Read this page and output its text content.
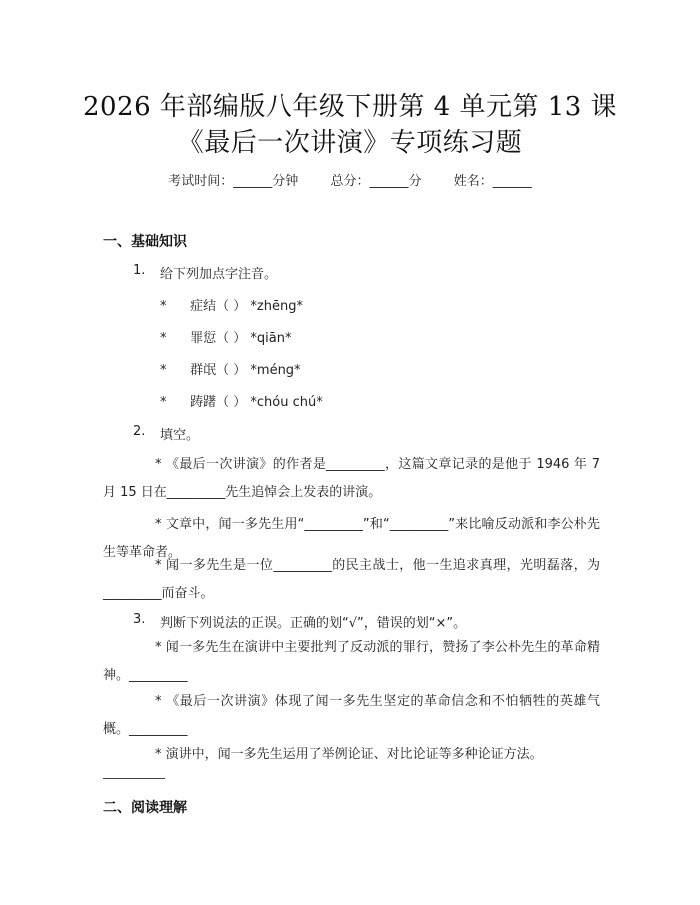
2026 年部编版八年级下册第 4 单元第 13 课
《最后一次讲演》专项练习题
考试时间：______分钟 总分：______分 姓名：______
一、基础知识
1. 给下列加点字注音。
* 症结（ ） *zhēng*
* 罪愆（ ） *qiān*
* 群氓（ ） *méng*
* 踌躇（ ） *chóu chú*
2. 填空。
* 《最后一次讲演》的作者是_________，这篇文章记录的是他于 1946 年 7 月 15 日在_________先生追悼会上发表的讲演。
* 文章中，闻一多先生用“_________”和“_________”来比喻反动派和李公朴先生等革命者。
* 闻一多先生是一位_________的民主战士，他一生追求真理，光明磊落，为_________而奋斗。
3. 判断下列说法的正误。正确的划“√”，错误的划“×”。
* 闻一多先生在演讲中主要批判了反动派的罪行，赞扬了李公朴先生的革命精神。_________
* 《最后一次讲演》体现了闻一多先生坚定的革命信念和不怕牺牲的英雄气概。_________
* 演讲中，闻一多先生运用了举例论证、对比论证等多种论证方法。
二、阅读理解
